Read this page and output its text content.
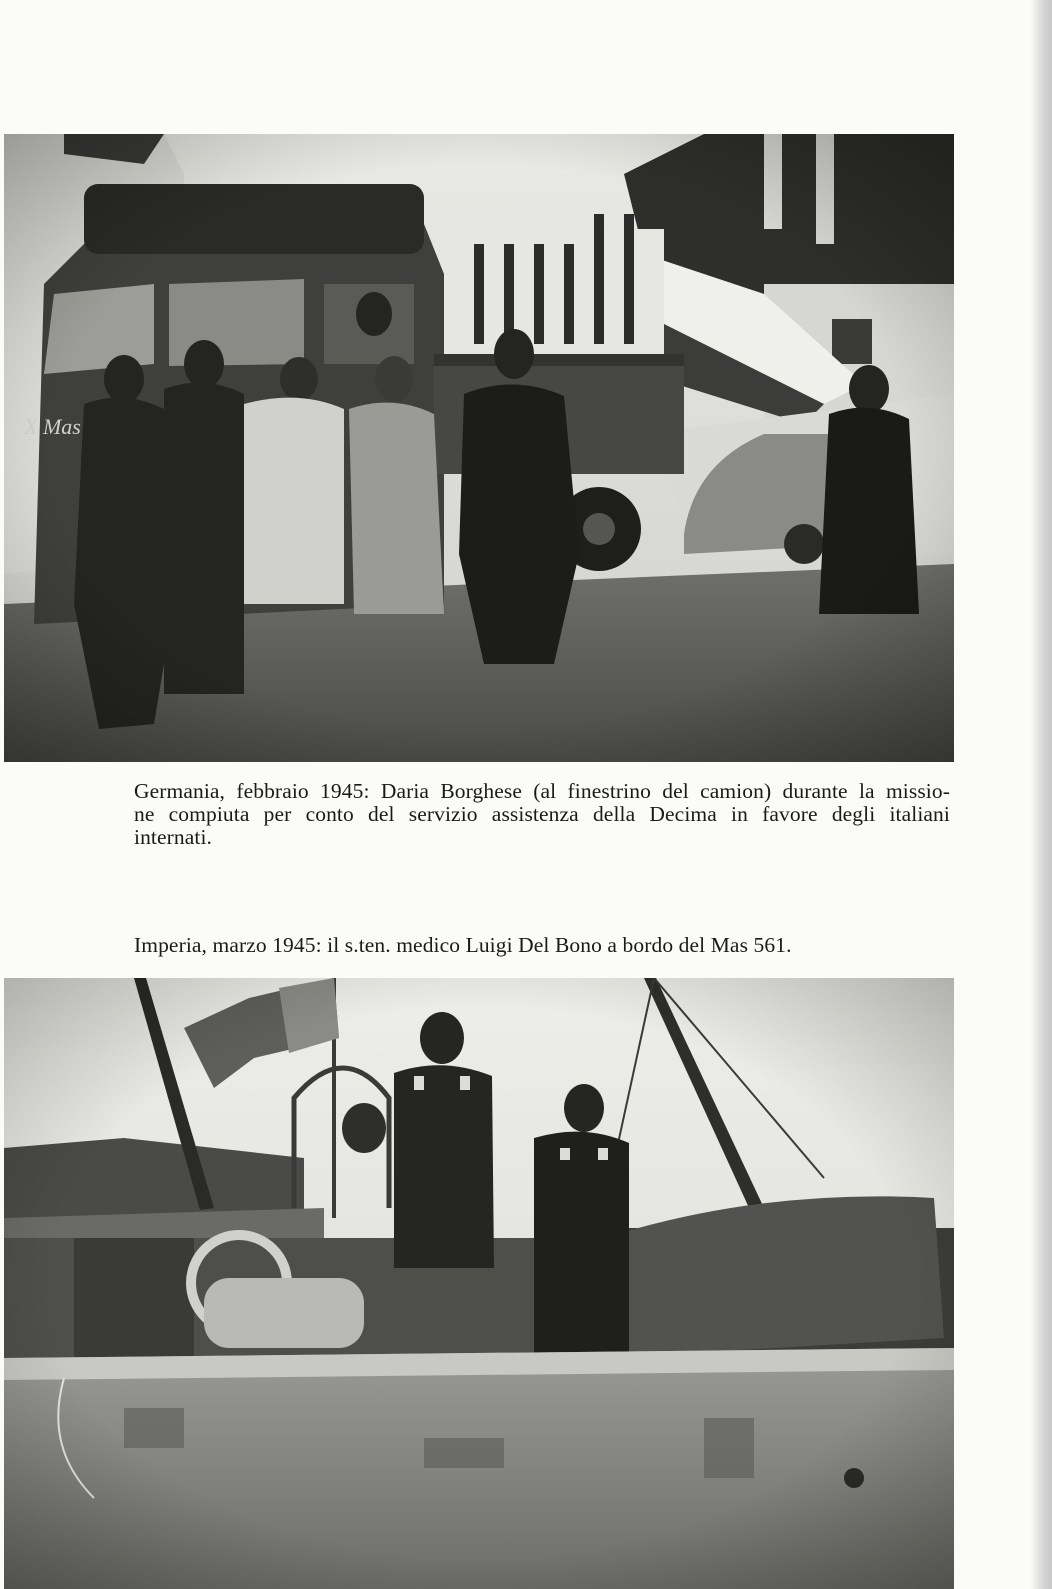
Germania, febbraio 1945: Daria Borghese (al finestrino del camion) durante la missio-
ne compiuta per conto del servizio assistenza della Decima in favore degli italiani
internati.
Imperia, marzo 1945: il s.ten. medico Luigi Del Bono a bordo del Mas 561.
